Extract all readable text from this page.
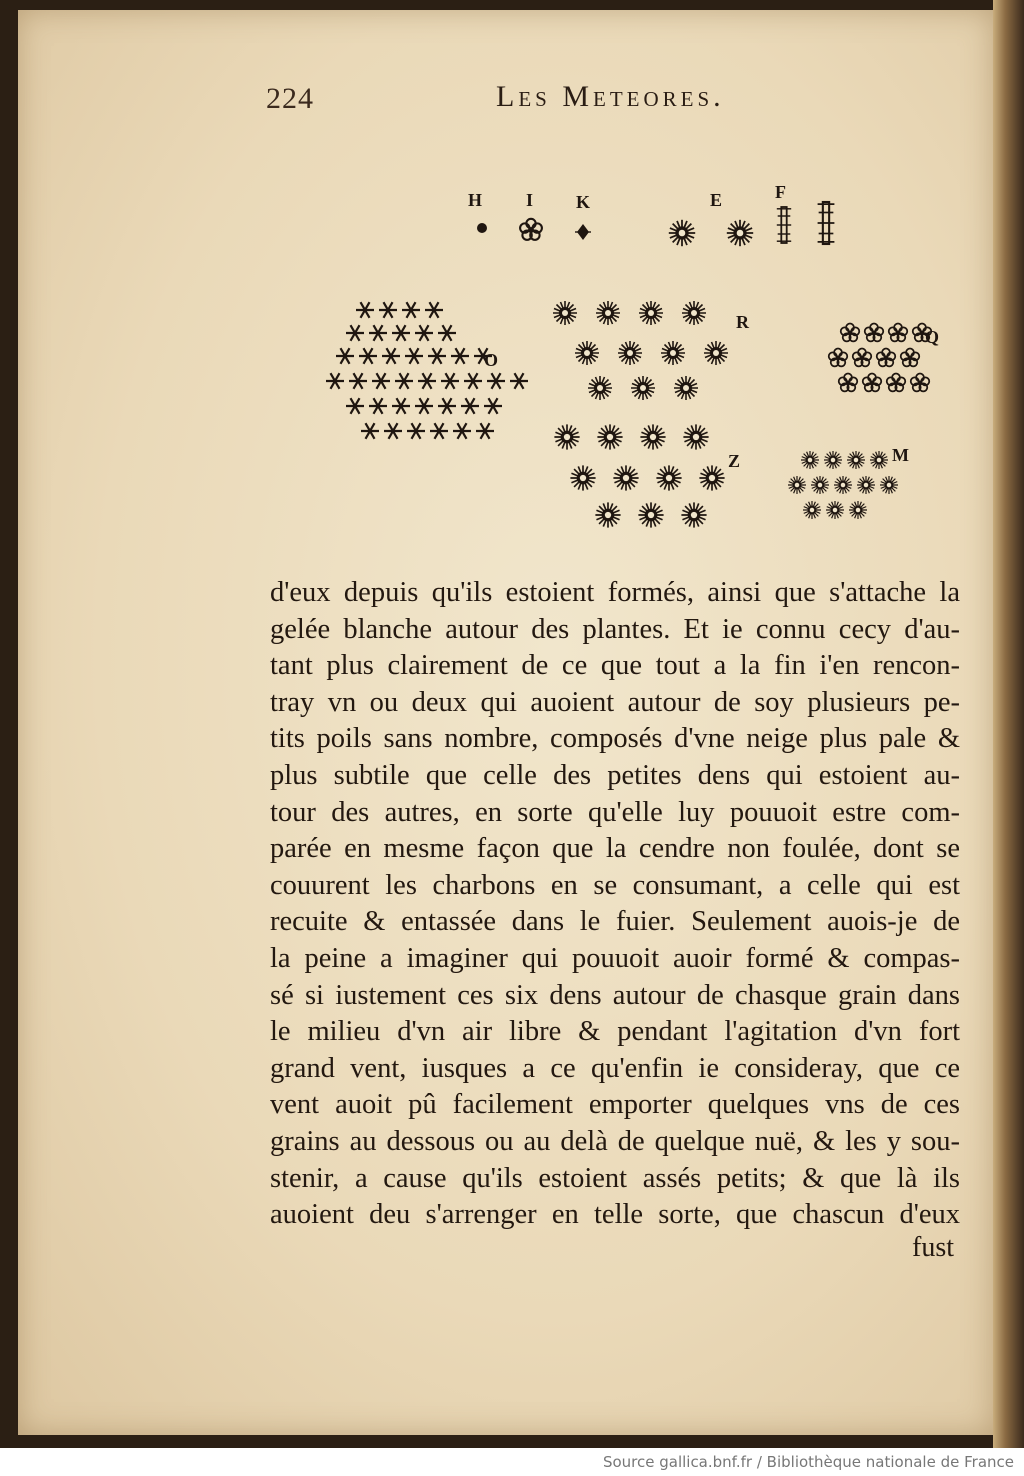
224	Les Meteores.
H I K	E	F
R
Q
O
Z	M
d'eux depuis qu'ils estoient formés, ainsi que s'attache la
gelée blanche autour des plantes. Et ie connu cecy d'au-
tant plus clairement de ce que tout a la fin i'en rencon-
tray vn ou deux qui auoient autour de soy plusieurs pe-
tits poils sans nombre, composés d'vne neige plus pale &
plus subtile que celle des petites dens qui estoient au-
tour des autres, en sorte qu'elle luy pouuoit estre com-
parée en mesme façon que la cendre non foulée, dont se
couurent les charbons en se consumant, a celle qui est
recuite & entassée dans le fuier. Seulement auois-je de
la peine a imaginer qui pouuoit auoir formé & compas-
sé si iustement ces six dens autour de chasque grain dans
le milieu d'vn air libre & pendant l'agitation d'vn fort
grand vent, iusques a ce qu'enfin ie consideray, que ce
vent auoit pû facilement emporter quelques vns de ces
grains au dessous ou au delà de quelque nuë, & les y sou-
stenir, a cause qu'ils estoient assés petits; & que là ils
auoient deu s'arrenger en telle sorte, que chascun d'eux
fust
Source gallica.bnf.fr / Bibliothèque nationale de France
